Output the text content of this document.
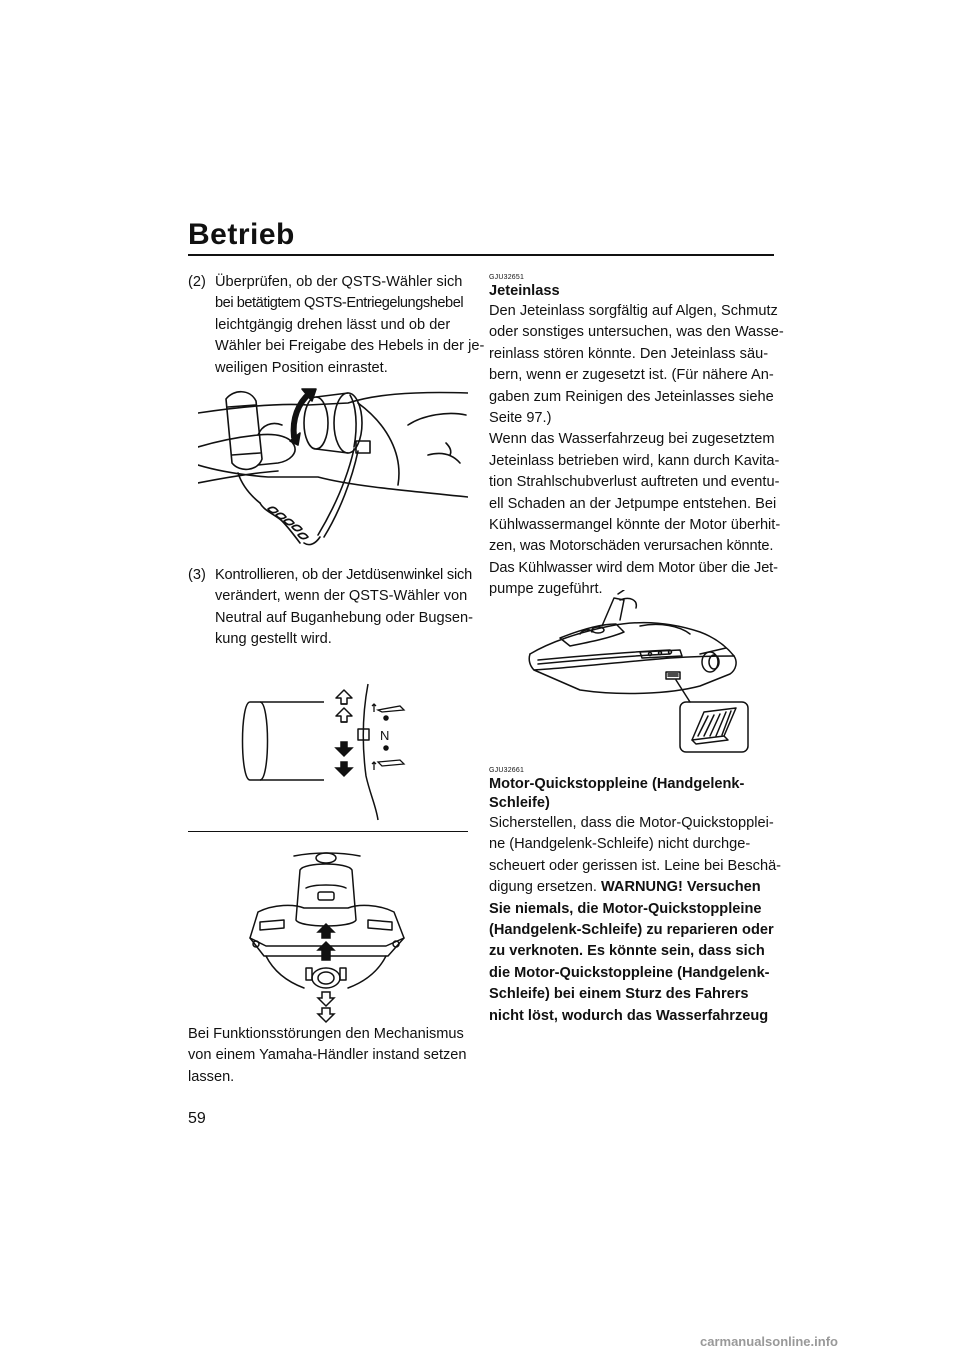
Betrieb
(2) Überprüfen, ob der QSTS-Wähler sich
bei betätigtem QSTS-Entriegelungshebel
leichtgängig drehen lässt und ob der
Wähler bei Freigabe des Hebels in der je-
weiligen Position einrastet.
(3) Kontrollieren, ob der Jetdüsenwinkel sich
verändert, wenn der QSTS-Wähler von
Neutral auf Buganhebung oder Bugsen-
kung gestellt wird.
N
Bei Funktionsstörungen den Mechanismus
von einem Yamaha-Händler instand setzen
lassen.
GJU32651
Jeteinlass
Den Jeteinlass sorgfältig auf Algen, Schmutz
oder sonstiges untersuchen, was den Wasse-
reinlass stören könnte. Den Jeteinlass säu-
bern, wenn er zugesetzt ist. (Für nähere An-
gaben zum Reinigen des Jeteinlasses siehe
Seite 97.)
Wenn das Wasserfahrzeug bei zugesetztem
Jeteinlass betrieben wird, kann durch Kavita-
tion Strahlschubverlust auftreten und eventu-
ell Schaden an der Jetpumpe entstehen. Bei
Kühlwassermangel könnte der Motor überhit-
zen, was Motorschäden verursachen könnte.
Das Kühlwasser wird dem Motor über die Jet-
pumpe zugeführt.
GJU32661
Motor-Quickstoppleine (Handgelenk-
Schleife)
Sicherstellen, dass die Motor-Quickstopplei-
ne (Handgelenk-Schleife) nicht durchge-
scheuert oder gerissen ist. Leine bei Beschä-
digung ersetzen. WARNUNG! Versuchen
Sie niemals, die Motor-Quickstoppleine
(Handgelenk-Schleife) zu reparieren oder
zu verknoten. Es könnte sein, dass sich
die Motor-Quickstoppleine (Handgelenk-
Schleife) bei einem Sturz des Fahrers
nicht löst, wodurch das Wasserfahrzeug
59
carmanualsonline.info
